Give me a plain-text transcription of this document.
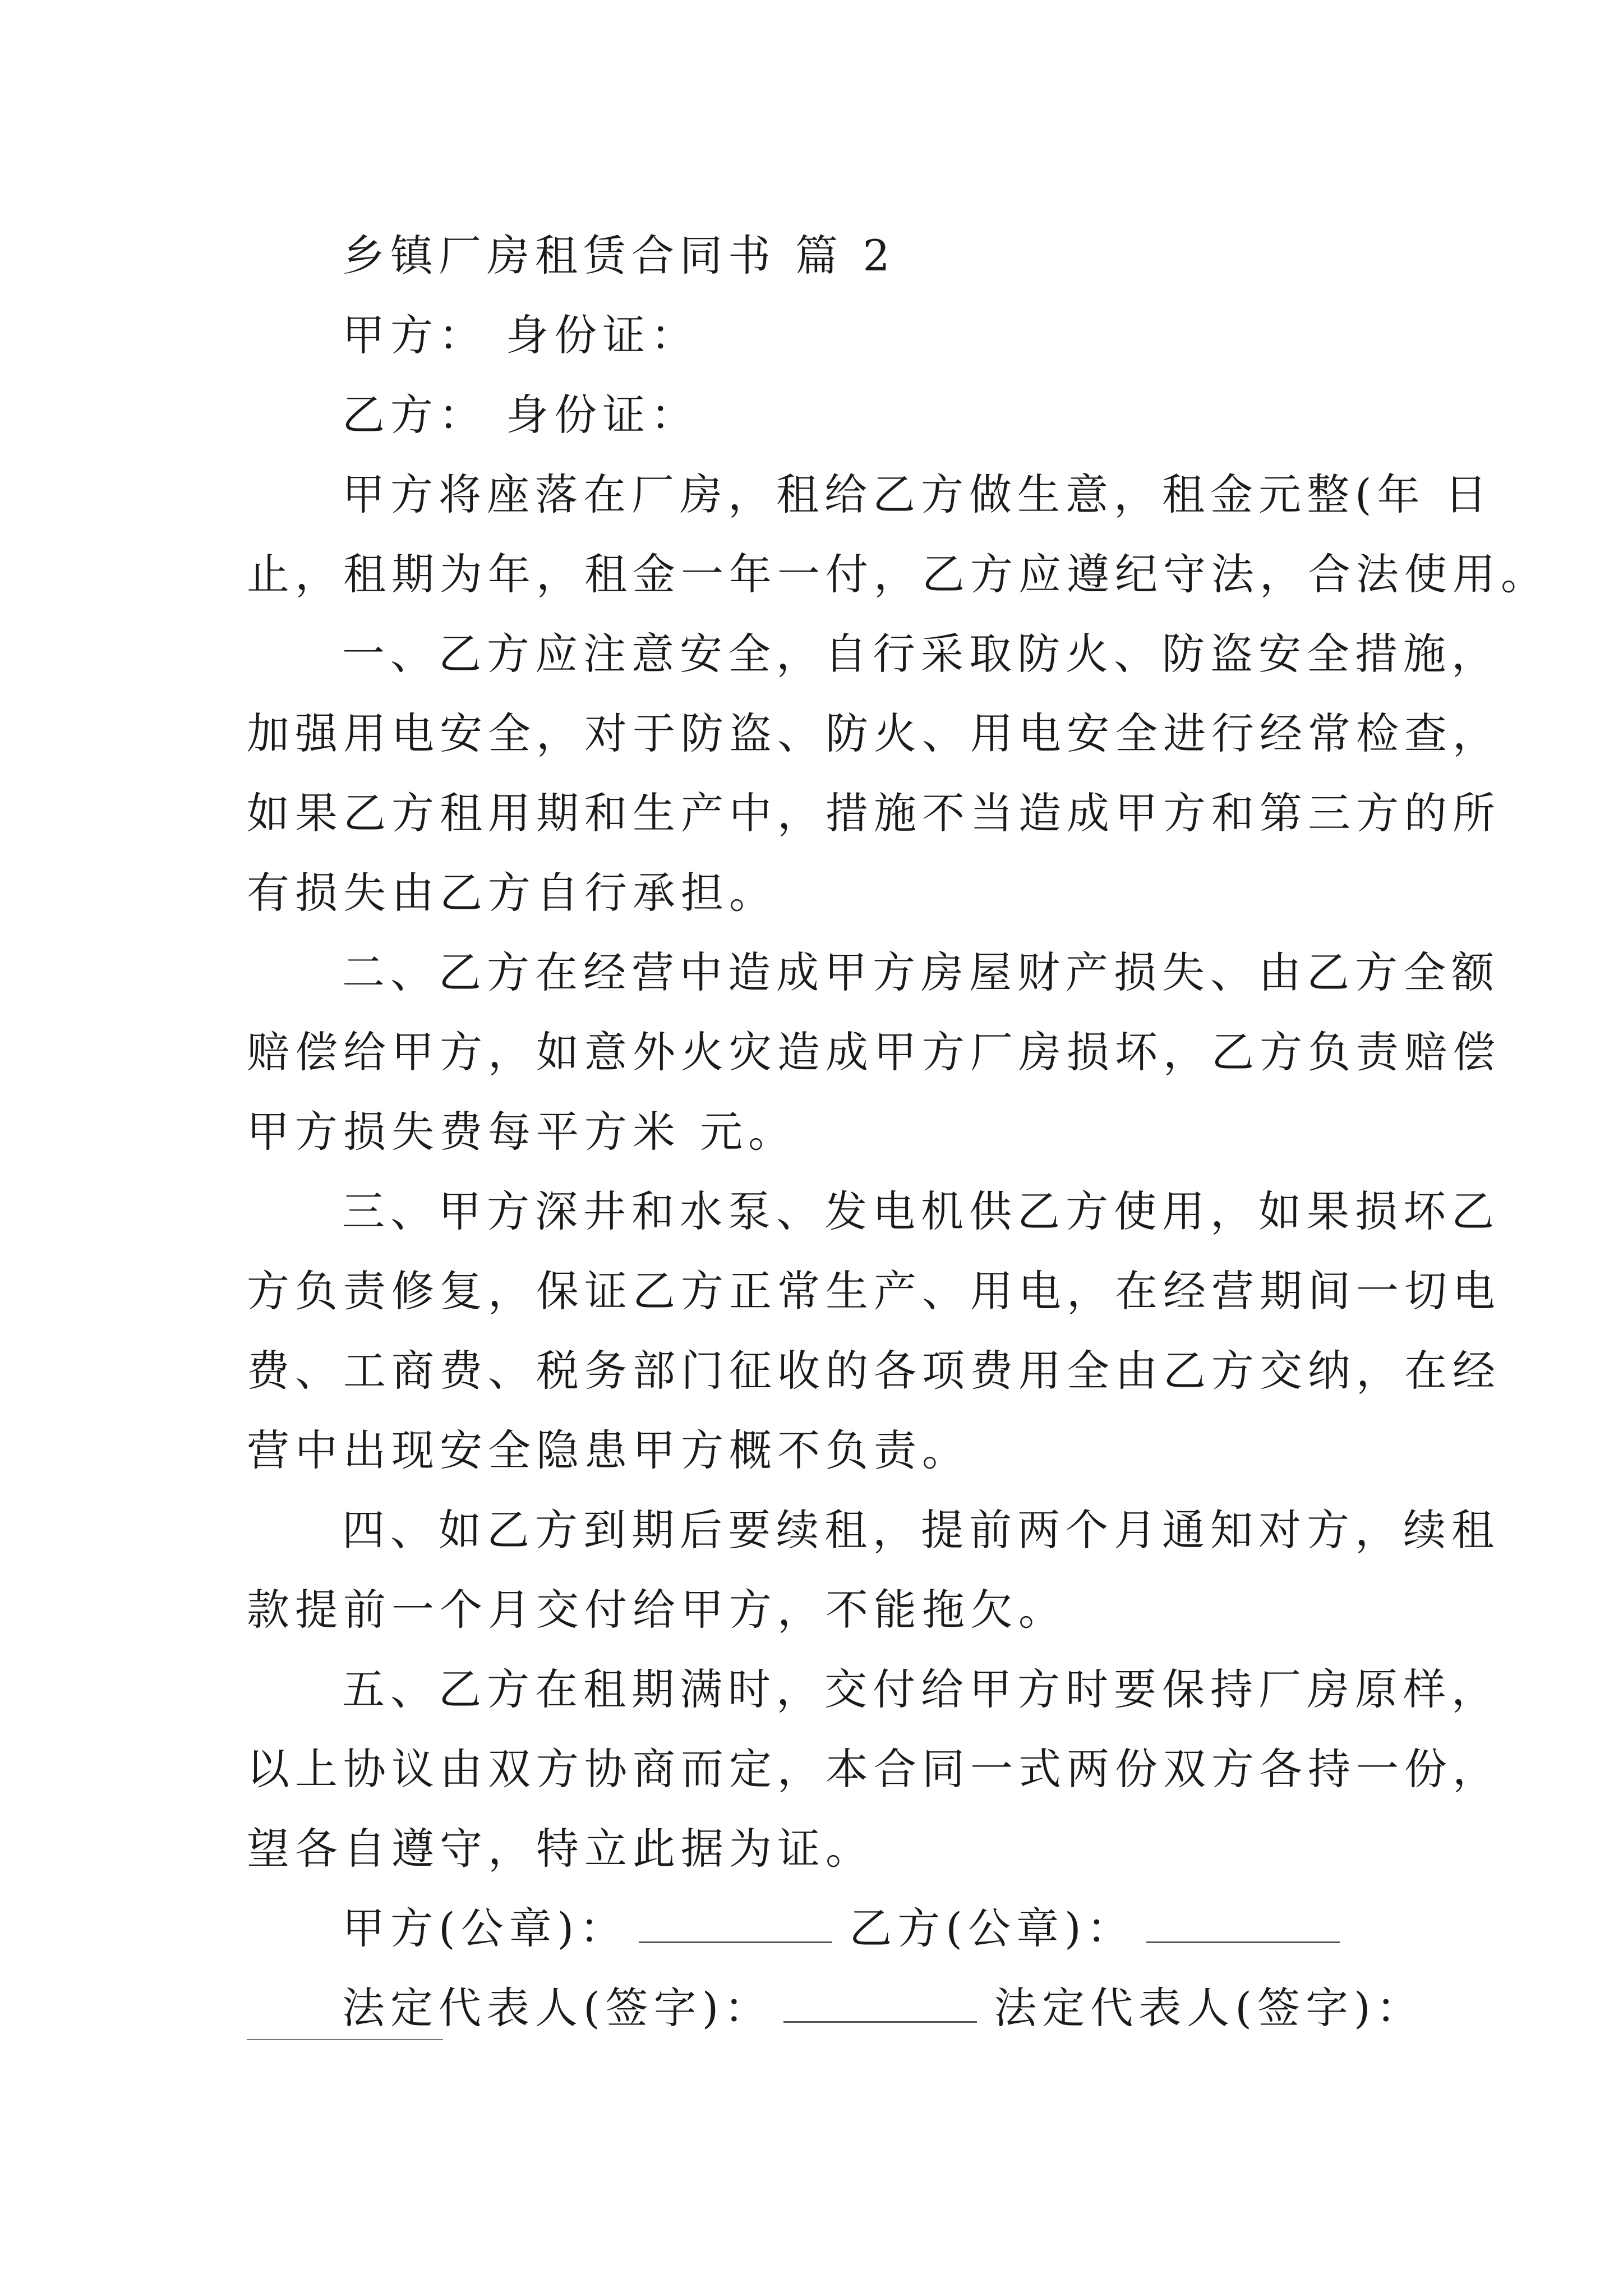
乡镇厂房租赁合同书 篇 2

甲方： 身份证：

乙方： 身份证：

甲方将座落在厂房，租给乙方做生意，租金元整(年 日

止，租期为年，租金一年一付，乙方应遵纪守法，合法使用。

一、乙方应注意安全，自行采取防火、防盗安全措施，

加强用电安全，对于防盗、防火、用电安全进行经常检查，

如果乙方租用期和生产中，措施不当造成甲方和第三方的所

有损失由乙方自行承担。

二、乙方在经营中造成甲方房屋财产损失、由乙方全额

赔偿给甲方，如意外火灾造成甲方厂房损坏，乙方负责赔偿

甲方损失费每平方米 元。

三、甲方深井和水泵、发电机供乙方使用，如果损坏乙

方负责修复，保证乙方正常生产、用电，在经营期间一切电

费、工商费、税务部门征收的各项费用全由乙方交纳，在经

营中出现安全隐患甲方概不负责。

四、如乙方到期后要续租，提前两个月通知对方，续租

款提前一个月交付给甲方，不能拖欠。

五、乙方在租期满时，交付给甲方时要保持厂房原样，

以上协议由双方协商而定，本合同一式两份双方各持一份，

望各自遵守，特立此据为证。

甲方(公章)：	乙方(公章)：

法定代表人(签字)：	法定代表人(签字)：
